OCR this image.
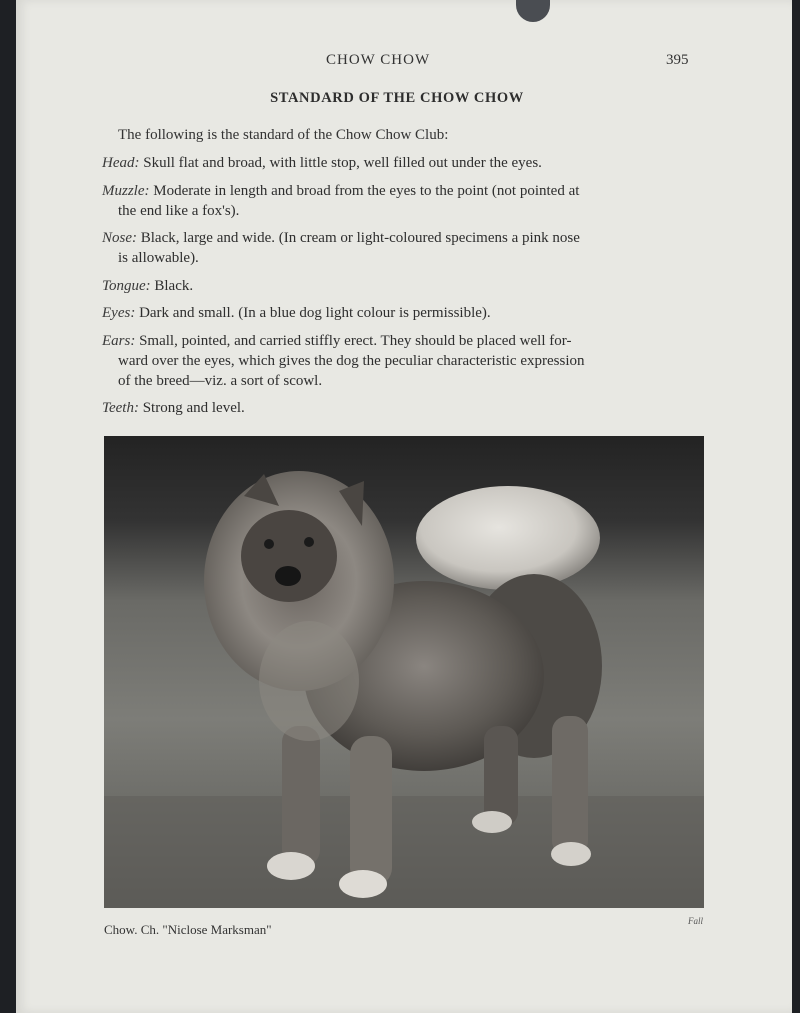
CHOW CHOW	395
STANDARD OF THE CHOW CHOW
The following is the standard of the Chow Chow Club:
Head: Skull flat and broad, with little stop, well filled out under the eyes.
Muzzle: Moderate in length and broad from the eyes to the point (not pointed at
the end like a fox's).
Nose: Black, large and wide. (In cream or light-coloured specimens a pink nose
is allowable).
Tongue: Black.
Eyes: Dark and small. (In a blue dog light colour is permissible).
Ears: Small, pointed, and carried stiffly erect. They should be placed well for-
ward over the eyes, which gives the dog the peculiar characteristic expression
of the breed—viz. a sort of scowl.
Teeth: Strong and level.
Chow. Ch. "Niclose Marksman"
Fall
